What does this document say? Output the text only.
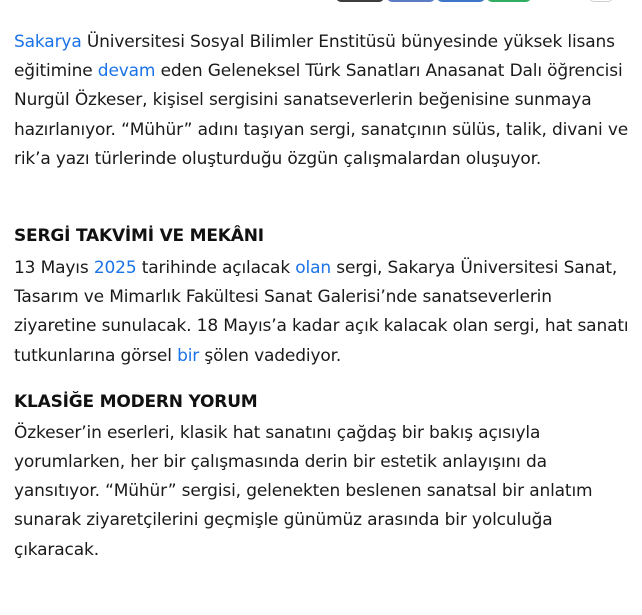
Sakarya Üniversitesi Sosyal Bilimler Enstitüsü bünyesinde yüksek lisans eğitimine devam eden Geleneksel Türk Sanatları Anasanat Dalı öğrencisi Nurgül Özkeser, kişisel sergisini sanatseverlerin beğenisine sunmaya hazırlanıyor. “Mühür” adını taşıyan sergi, sanatçının sülüs, talik, divani ve rik’a yazı türlerinde oluşturduğu özgün çalışmalardan oluşuyor.

SERGİ TAKVİMİ VE MEKÂNI

13 Mayıs 2025 tarihinde açılacak olan sergi, Sakarya Üniversitesi Sanat, Tasarım ve Mimarlık Fakültesi Sanat Galerisi’nde sanatseverlerin ziyaretine sunulacak. 18 Mayıs’a kadar açık kalacak olan sergi, hat sanatı tutkunlarına görsel bir şölen vadediyor.

KLASİĞE MODERN YORUM

Özkeser’in eserleri, klasik hat sanatını çağdaş bir bakış açısıyla yorumlarken, her bir çalışmasında derin bir estetik anlayışını da yansıtıyor. “Mühür” sergisi, gelenekten beslenen sanatsal bir anlatım sunarak ziyaretçilerini geçmişle günümüz arasında bir yolculuğa çıkaracak.
